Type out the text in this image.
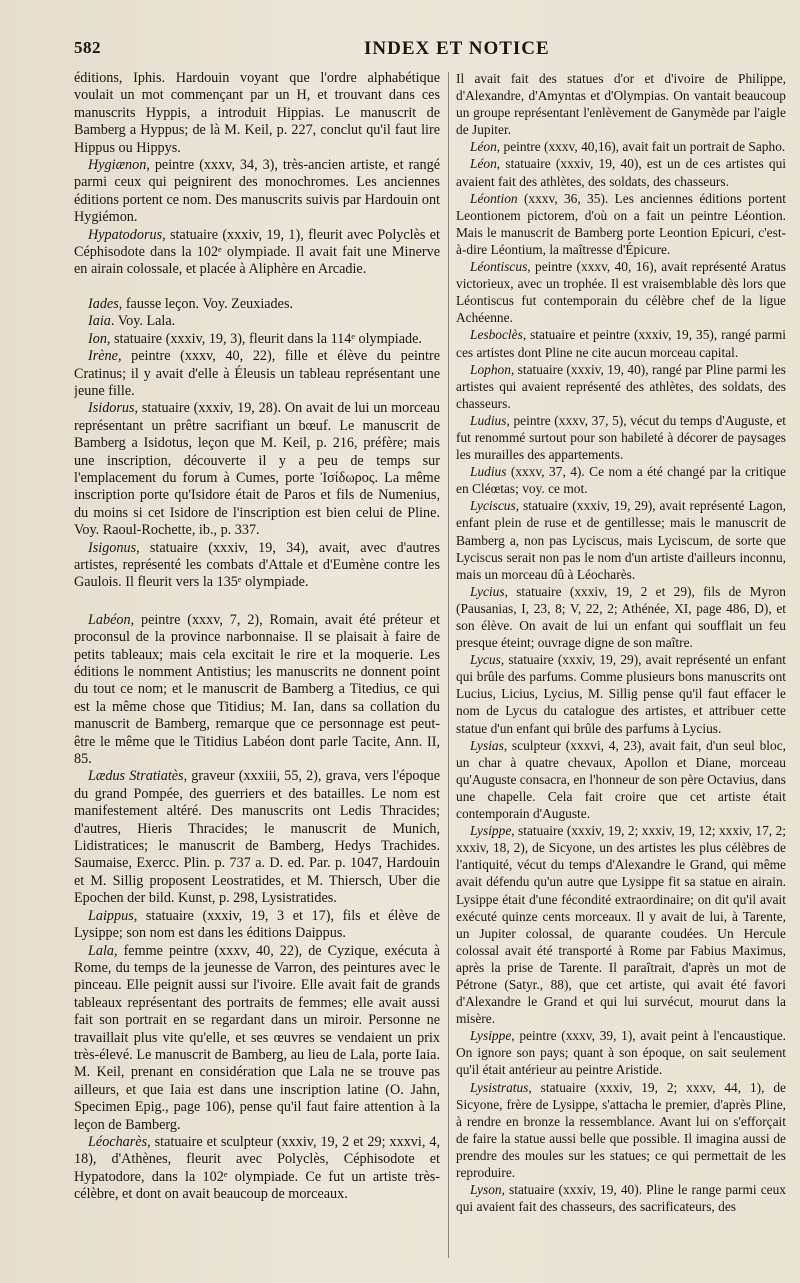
582	INDEX ET NOTICE

éditions, Iphis. Hardouin voyant que l'ordre alphabétique voulait un mot commençant par un H, et trouvant dans ces manuscrits Hyppis, a introduit Hippias. Le manuscrit de Bamberg a Hyppus; de là M. Keil, p. 227, conclut qu'il faut lire Hippus ou Hippys.

Hygiænon, peintre (xxxv, 34, 3), très-ancien artiste, et rangé parmi ceux qui peignirent des monochromes. Les anciennes éditions portent ce nom. Des manuscrits suivis par Hardouin ont Hygiémon.

Hypatodorus, statuaire (xxxiv, 19, 1), fleurit avec Polyclès et Céphisodote dans la 102ᵉ olympiade. Il avait fait une Minerve en airain colossale, et placée à Aliphère en Arcadie.

Iades, fausse leçon. Voy. Zeuxiades.

Iaia. Voy. Lala.

Ion, statuaire (xxxiv, 19, 3), fleurit dans la 114ᵉ olympiade.

Irène, peintre (xxxv, 40, 22), fille et élève du peintre Cratinus; il y avait d'elle à Éleusis un tableau représentant une jeune fille.

Isidorus, statuaire (xxxiv, 19, 28). On avait de lui un morceau représentant un prêtre sacrifiant un bœuf. Le manuscrit de Bamberg a Isidotus, leçon que M. Keil, p. 216, préfère; mais une inscription, découverte il y a peu de temps sur l'emplacement du forum à Cumes, porte Ἰσίδωρος. La même inscription porte qu'Isidore était de Paros et fils de Numenius, du moins si cet Isidore de l'inscription est bien celui de Pline. Voy. Raoul-Rochette, ib., p. 337.

Isigonus, statuaire (xxxiv, 19, 34), avait, avec d'autres artistes, représenté les combats d'Attale et d'Eumène contre les Gaulois. Il fleurit vers la 135ᵉ olympiade.

Labéon, peintre (xxxv, 7, 2), Romain, avait été préteur et proconsul de la province narbonnaise. Il se plaisait à faire de petits tableaux; mais cela excitait le rire et la moquerie. Les éditions le nomment Antistius; les manuscrits ne donnent point du tout ce nom; et le manuscrit de Bamberg a Titedius, ce qui est la même chose que Titidius; M. Ian, dans sa collation du manuscrit de Bamberg, remarque que ce personnage est peut-être le même que le Titidius Labéon dont parle Tacite, Ann. II, 85.

Lædus Stratiatès, graveur (xxxiii, 55, 2), grava, vers l'époque du grand Pompée, des guerriers et des batailles. Le nom est manifestement altéré. Des manuscrits ont Ledis Thracides; d'autres, Hieris Thracides; le manuscrit de Munich, Lidistratices; le manuscrit de Bamberg, Hedys Trachides. Saumaise, Exercc. Plin. p. 737 a. D. ed. Par. p. 1047, Hardouin et M. Sillig proposent Leostratides, et M. Thiersch, Uber die Epochen der bild. Kunst, p. 298, Lysistratides.

Laippus, statuaire (xxxiv, 19, 3 et 17), fils et élève de Lysippe; son nom est dans les éditions Daippus.

Lala, femme peintre (xxxv, 40, 22), de Cyzique, exécuta à Rome, du temps de la jeunesse de Varron, des peintures avec le pinceau. Elle peignit aussi sur l'ivoire. Elle avait fait de grands tableaux représentant des portraits de femmes; elle avait aussi fait son portrait en se regardant dans un miroir. Personne ne travaillait plus vite qu'elle, et ses œuvres se vendaient un prix très-élevé. Le manuscrit de Bamberg, au lieu de Lala, porte Iaia. M. Keil, prenant en considération que Lala ne se trouve pas ailleurs, et que Iaia est dans une inscription latine (O. Jahn, Specimen Epig., page 106), pense qu'il faut faire attention à la leçon de Bamberg.

Léocharès, statuaire et sculpteur (xxxiv, 19, 2 et 29; xxxvi, 4, 18), d'Athènes, fleurit avec Polyclès, Céphisodote et Hypatodore, dans la 102ᵉ olympiade. Ce fut un artiste très-célèbre, et dont on avait beaucoup de morceaux.

Il avait fait des statues d'or et d'ivoire de Philippe, d'Alexandre, d'Amyntas et d'Olympias. On vantait beaucoup un groupe représentant l'enlèvement de Ganymède par l'aigle de Jupiter.

Léon, peintre (xxxv, 40,16), avait fait un portrait de Sapho.

Léon, statuaire (xxxiv, 19, 40), est un de ces artistes qui avaient fait des athlètes, des soldats, des chasseurs.

Léontion (xxxv, 36, 35). Les anciennes éditions portent Leontionem pictorem, d'où on a fait un peintre Léontion. Mais le manuscrit de Bamberg porte Leontion Epicuri, c'est-à-dire Léontium, la maîtresse d'Épicure.

Léontiscus, peintre (xxxv, 40, 16), avait représenté Aratus victorieux, avec un trophée. Il est vraisemblable dès lors que Léontiscus fut contemporain du célèbre chef de la ligue Achéenne.

Lesboclès, statuaire et peintre (xxxiv, 19, 35), rangé parmi ces artistes dont Pline ne cite aucun morceau capital.

Lophon, statuaire (xxxiv, 19, 40), rangé par Pline parmi les artistes qui avaient représenté des athlètes, des soldats, des chasseurs.

Ludius, peintre (xxxv, 37, 5), vécut du temps d'Auguste, et fut renommé surtout pour son habileté à décorer de paysages les murailles des appartements.

Ludius (xxxv, 37, 4). Ce nom a été changé par la critique en Cléœtas; voy. ce mot.

Lyciscus, statuaire (xxxiv, 19, 29), avait représenté Lagon, enfant plein de ruse et de gentillesse; mais le manuscrit de Bamberg a, non pas Lyciscus, mais Lyciscum, de sorte que Lyciscus serait non pas le nom d'un artiste d'ailleurs inconnu, mais un morceau dû à Léocharès.

Lycius, statuaire (xxxiv, 19, 2 et 29), fils de Myron (Pausanias, I, 23, 8; V, 22, 2; Athénée, XI, page 486, D), et son élève. On avait de lui un enfant qui soufflait un feu presque éteint; ouvrage digne de son maître.

Lycus, statuaire (xxxiv, 19, 29), avait représenté un enfant qui brûle des parfums. Comme plusieurs bons manuscrits ont Lucius, Licius, Lycius, M. Sillig pense qu'il faut effacer le nom de Lycus du catalogue des artistes, et attribuer cette statue d'un enfant qui brûle des parfums à Lycius.

Lysias, sculpteur (xxxvi, 4, 23), avait fait, d'un seul bloc, un char à quatre chevaux, Apollon et Diane, morceau qu'Auguste consacra, en l'honneur de son père Octavius, dans une chapelle. Cela fait croire que cet artiste était contemporain d'Auguste.

Lysippe, statuaire (xxxiv, 19, 2; xxxiv, 19, 12; xxxiv, 17, 2; xxxiv, 18, 2), de Sicyone, un des artistes les plus célèbres de l'antiquité, vécut du temps d'Alexandre le Grand, qui même avait défendu qu'un autre que Lysippe fit sa statue en airain. Lysippe était d'une fécondité extraordinaire; on dit qu'il avait exécuté quinze cents morceaux. Il y avait de lui, à Tarente, un Jupiter colossal, de quarante coudées. Un Hercule colossal avait été transporté à Rome par Fabius Maximus, après la prise de Tarente. Il paraîtrait, d'après un mot de Pétrone (Satyr., 88), que cet artiste, qui avait été favori d'Alexandre le Grand et qui lui survécut, mourut dans la misère.

Lysippe, peintre (xxxv, 39, 1), avait peint à l'encaustique. On ignore son pays; quant à son époque, on sait seulement qu'il était antérieur au peintre Aristide.

Lysistratus, statuaire (xxxiv, 19, 2; xxxv, 44, 1), de Sicyone, frère de Lysippe, s'attacha le premier, d'après Pline, à rendre en bronze la ressemblance. Avant lui on s'efforçait de faire la statue aussi belle que possible. Il imagina aussi de prendre des moules sur les statues; ce qui permettait de les reproduire.

Lyson, statuaire (xxxiv, 19, 40). Pline le range parmi ceux qui avaient fait des chasseurs, des sacrificateurs, des
